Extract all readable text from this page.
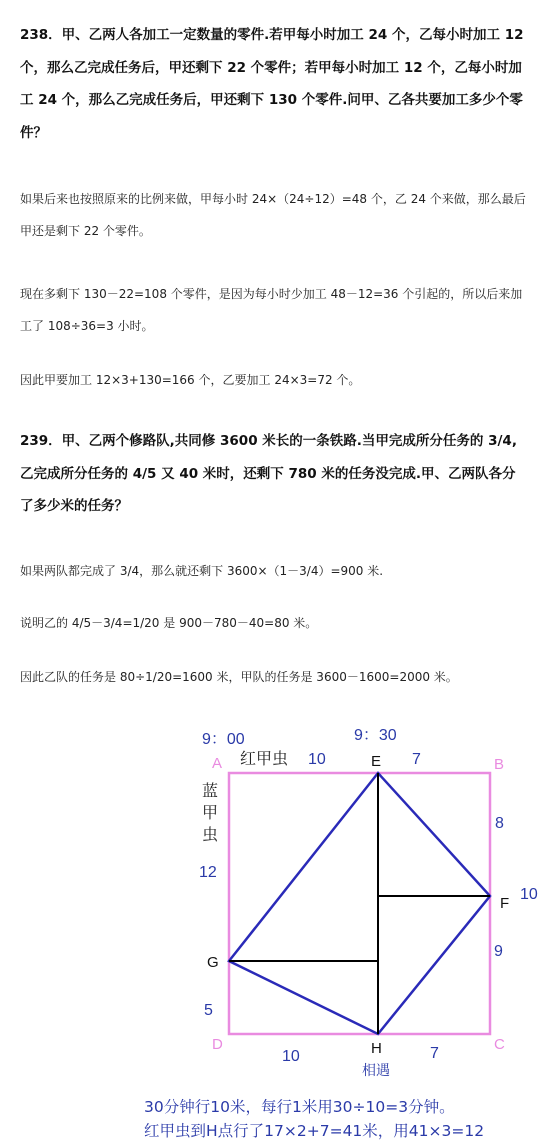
238．甲、乙两人各加工一定数量的零件.若甲每小时加工 24 个，乙每小时加工 12 个，那么乙完成任务后，甲还剩下 22 个零件；若甲每小时加工 12 个，乙每小时加工 24 个，那么乙完成任务后，甲还剩下 130 个零件.问甲、乙各共要加工多少个零件？

如果后来也按照原来的比例来做，甲每小时 24×（24÷12）=48 个，乙 24 个来做，那么最后甲还是剩下 22 个零件。

现在多剩下 130－22=108 个零件，是因为每小时少加工 48－12=36 个引起的，所以后来加工了 108÷36=3 小时。

因此甲要加工 12×3+130=166 个，乙要加工 24×3=72 个。

239．甲、乙两个修路队,共同修 3600 米长的一条铁路.当甲完成所分任务的 3/4,乙完成所分任务的 4/5 又 40 米时，还剩下 780 米的任务没完成.甲、乙两队各分了多少米的任务？

如果两队都完成了 3/4，那么就还剩下 3600×（1－3/4）=900 米.

说明乙的 4/5－3/4=1/20 是 900－780－40=80 米。

因此乙队的任务是 80÷1/20=1600 米，甲队的任务是 3600－1600=2000 米。

9：00	9：30
红甲虫 10	7
蓝
甲
虫
12
8
10
9
5
10	7
相遇
A	B
C
D
E
F
G
H
30分钟行10米，每行1米用30÷10=3分钟。
红甲虫到H点行了17×2+7=41米，用41×3=12
